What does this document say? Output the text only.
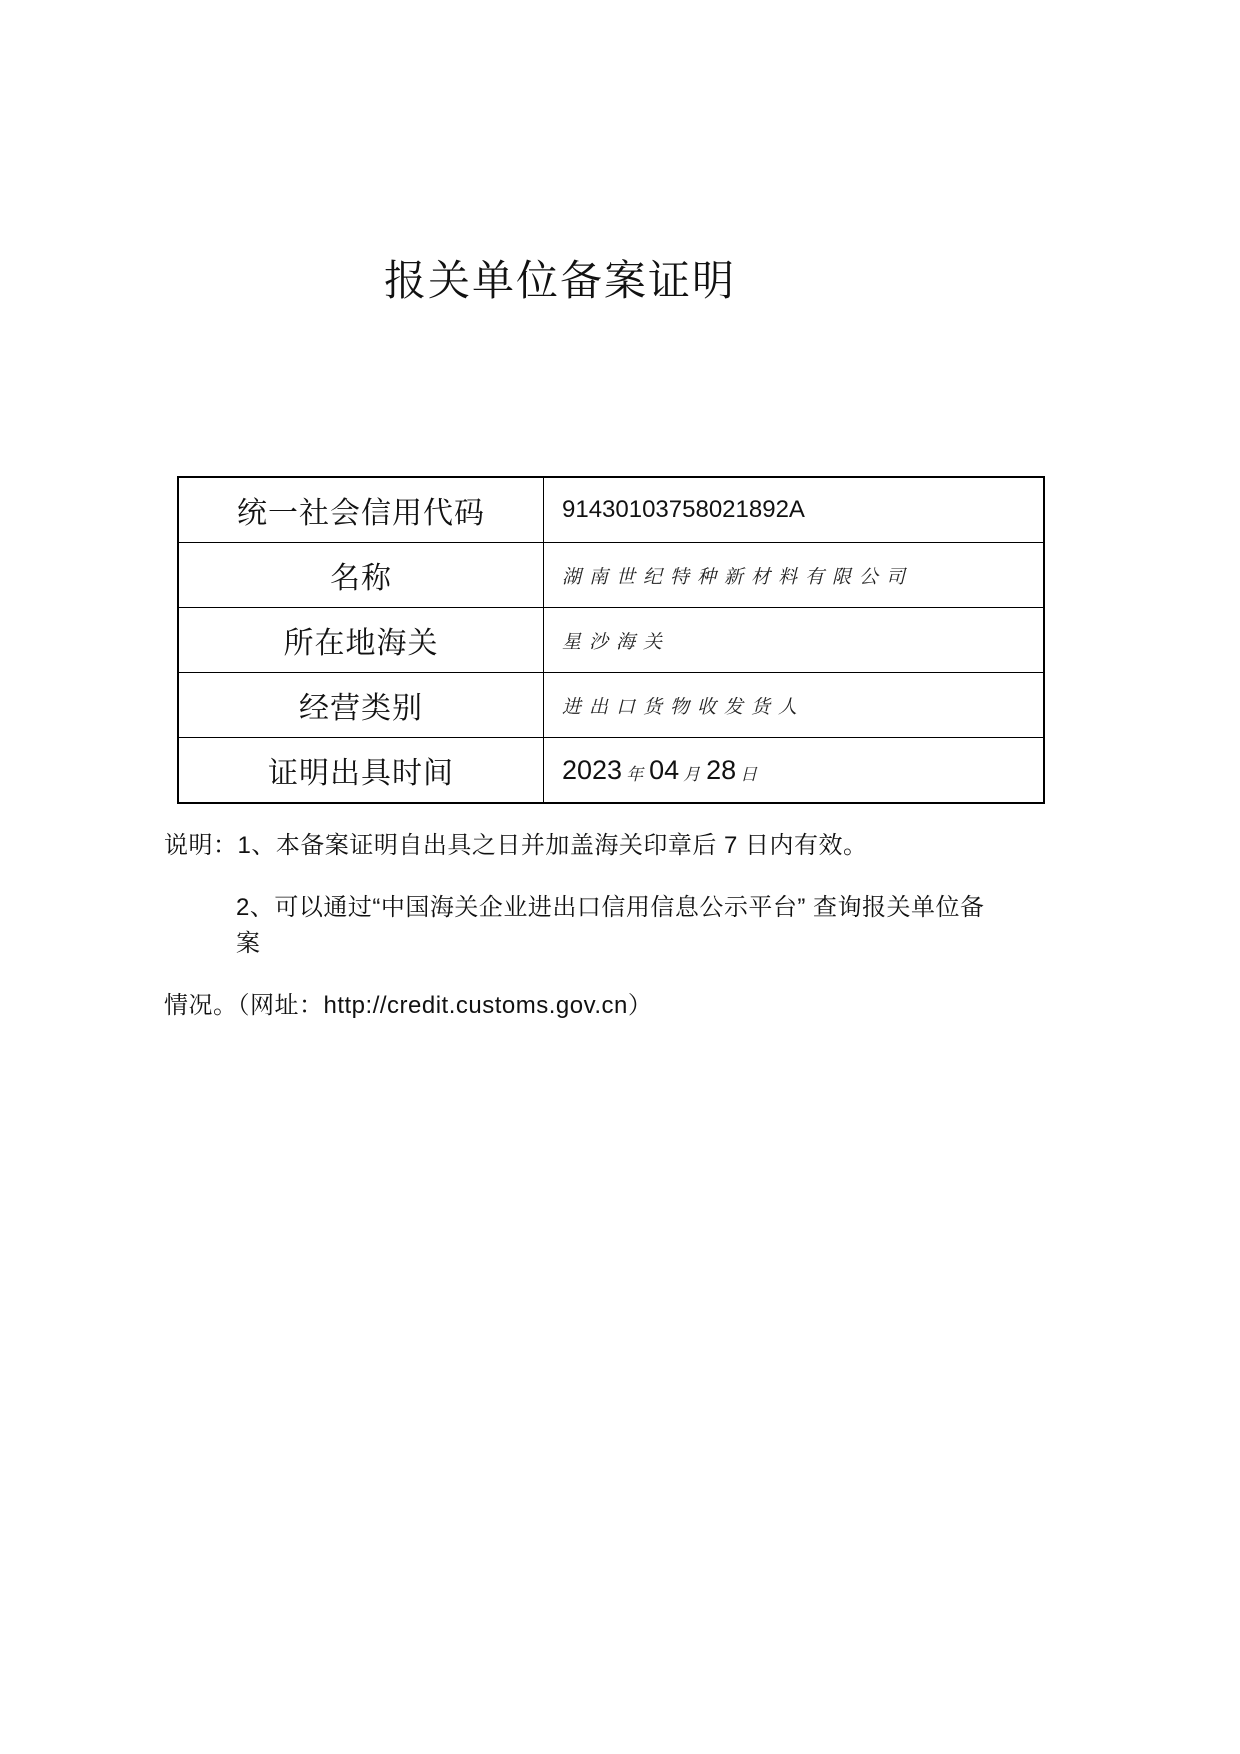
报关单位备案证明
统一社会信用代码	91430103758021892A
名称	湖南世纪特种新材料有限公司
所在地海关	星沙海关
经营类别	进出口货物收发货人
证明出具时间	2023 年 04 月 28 日

说明：1、本备案证明自出具之日并加盖海关印章后 7 日内有效。

2、可以通过“中国海关企业进出口信用信息公示平台” 查询报关单位备案

情况。（网址：http://credit.customs.gov.cn）
